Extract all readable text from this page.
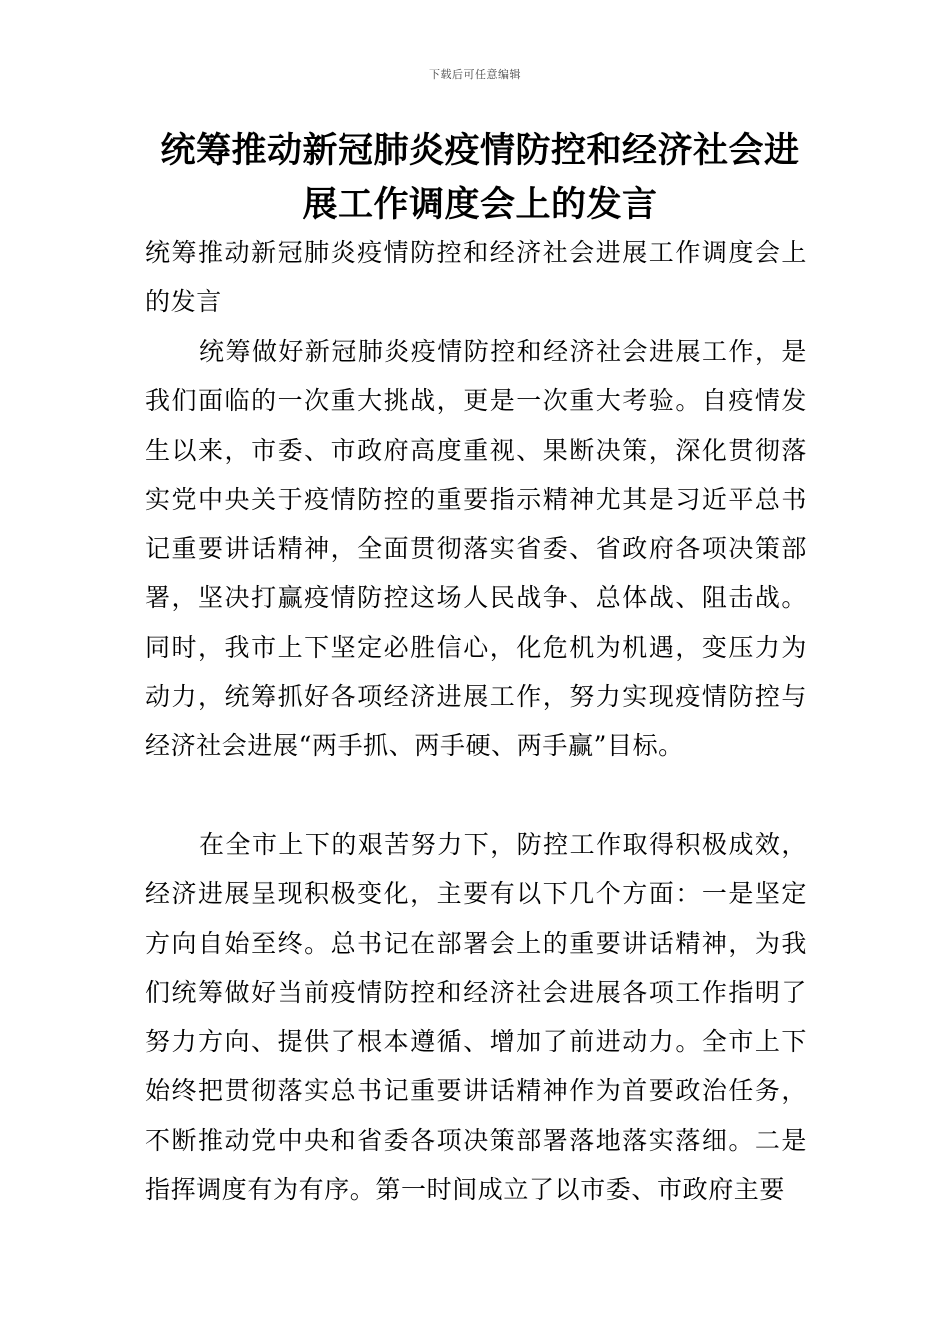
下载后可任意编辑
统筹推动新冠肺炎疫情防控和经济社会进展工作调度会上的发言

统筹推动新冠肺炎疫情防控和经济社会进展工作调度会上的发言

统筹做好新冠肺炎疫情防控和经济社会进展工作，是我们面临的一次重大挑战，更是一次重大考验。自疫情发生以来，市委、市政府高度重视、果断决策，深化贯彻落实党中央关于疫情防控的重要指示精神尤其是习近平总书记重要讲话精神，全面贯彻落实省委、省政府各项决策部署，坚决打赢疫情防控这场人民战争、总体战、阻击战。同时，我市上下坚定必胜信心，化危机为机遇，变压力为动力，统筹抓好各项经济进展工作，努力实现疫情防控与经济社会进展“两手抓、两手硬、两手赢”目标。

在全市上下的艰苦努力下，防控工作取得积极成效，经济进展呈现积极变化，主要有以下几个方面：一是坚定方向自始至终。总书记在部署会上的重要讲话精神，为我们统筹做好当前疫情防控和经济社会进展各项工作指明了努力方向、提供了根本遵循、增加了前进动力。全市上下始终把贯彻落实总书记重要讲话精神作为首要政治任务，不断推动党中央和省委各项决策部署落地落实落细。二是指挥调度有为有序。第一时间成立了以市委、市政府主要
